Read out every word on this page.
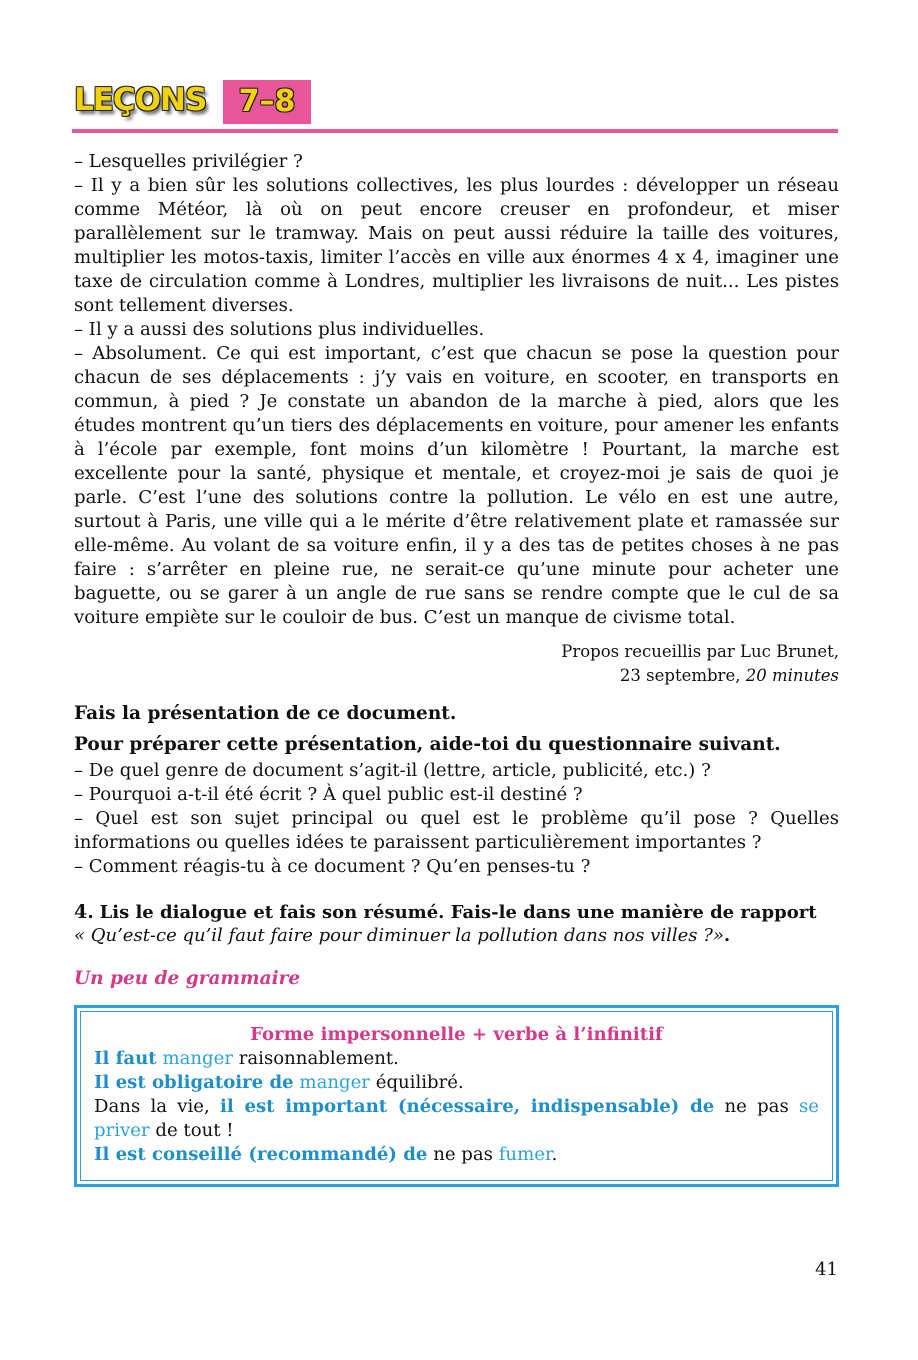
LEÇONS	7–8

– Lesquelles privilégier ?

– Il y a bien sûr les solutions collectives, les plus lourdes : développer un réseau comme Météor, là où on peut encore creuser en profondeur, et miser parallèlement sur le tramway. Mais on peut aussi réduire la taille des voitures, multiplier les motos-taxis, limiter l’accès en ville aux énormes 4 x 4, imaginer une taxe de circulation comme à Londres, multiplier les livraisons de nuit... Les pistes sont tellement diverses.

– Il y a aussi des solutions plus individuelles.

– Absolument. Ce qui est important, c’est que chacun se pose la question pour chacun de ses déplacements : j’y vais en voiture, en scooter, en transports en commun, à pied ? Je constate un abandon de la marche à pied, alors que les études montrent qu’un tiers des déplacements en voiture, pour amener les enfants à l’école par exemple, font moins d’un kilomètre ! Pourtant, la marche est excellente pour la santé, physique et mentale, et croyez-moi je sais de quoi je parle. C’est l’une des solutions contre la pollution. Le vélo en est une autre, surtout à Paris, une ville qui a le mérite d’être relativement plate et ramassée sur elle-même. Au volant de sa voiture enfin, il y a des tas de petites choses à ne pas faire : s’arrêter en pleine rue, ne serait-ce qu’une minute pour acheter une baguette, ou se garer à un angle de rue sans se rendre compte que le cul de sa voiture empiète sur le couloir de bus. C’est un manque de civisme total.

Propos recueillis par Luc Brunet,
23 septembre, 20 minutes

Fais la présentation de ce document.

Pour préparer cette présentation, aide-toi du questionnaire suivant.

– De quel genre de document s’agit-il (lettre, article, publicité, etc.) ?

– Pourquoi a-t-il été écrit ? À quel public est-il destiné ?

– Quel est son sujet principal ou quel est le problème qu’il pose ? Quelles informations ou quelles idées te paraissent particulièrement importantes ?

– Comment réagis-tu à ce document ? Qu’en penses-tu ?

4. Lis le dialogue et fais son résumé. Fais-le dans une manière de rapport
« Qu’est-ce qu’il faut faire pour diminuer la pollution dans nos villes ?».
Un peu de grammaire
Forme impersonnelle + verbe à l’infinitif
Il faut manger raisonnablement.
Il est obligatoire de manger équilibré.
Dans la vie, il est important (nécessaire, indispensable) de ne pas se priver de tout !
Il est conseillé (recommandé) de ne pas fumer.
41
